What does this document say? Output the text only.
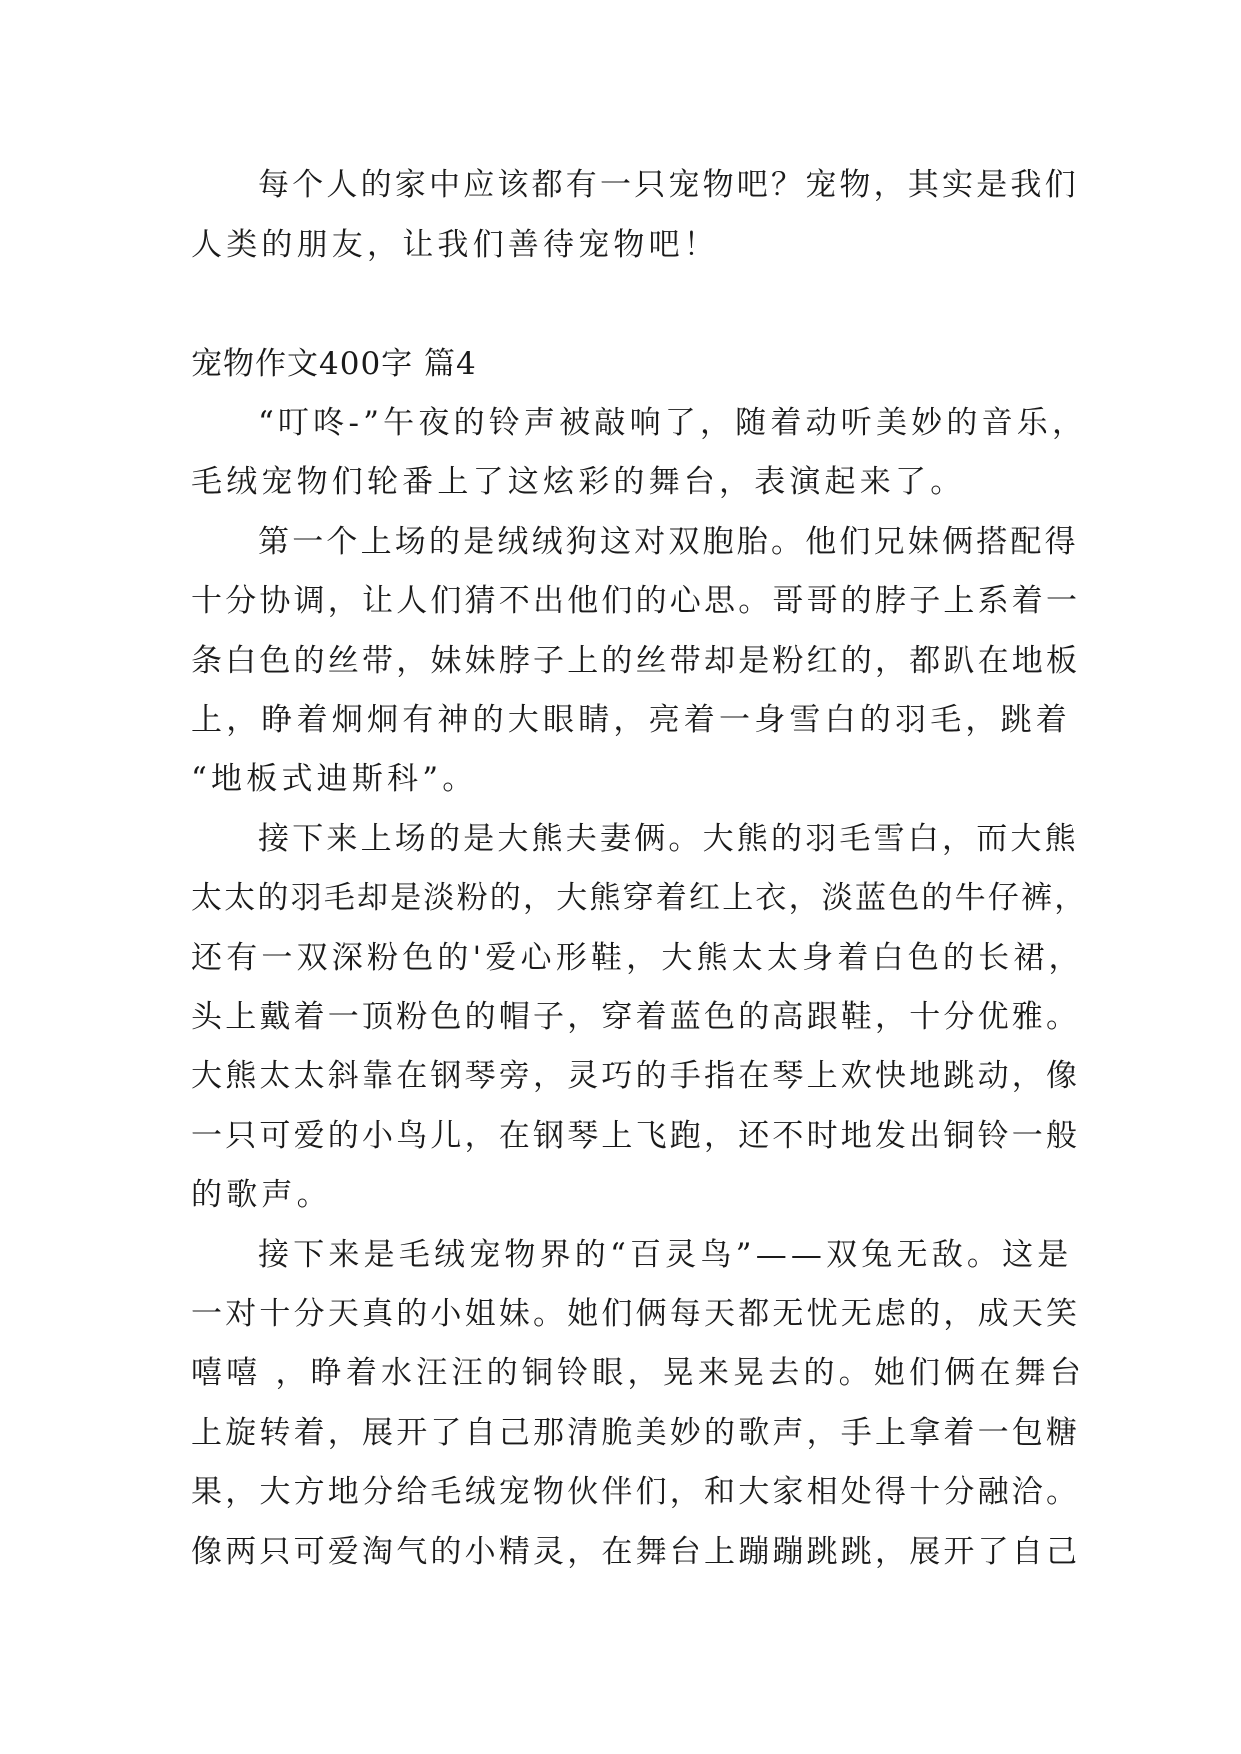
每个人的家中应该都有一只宠物吧？宠物，其实是我们
人类的朋友，让我们善待宠物吧！
宠物作文400字 篇4
“叮咚-”午夜的铃声被敲响了，随着动听美妙的音乐，
毛绒宠物们轮番上了这炫彩的舞台，表演起来了。
第一个上场的是绒绒狗这对双胞胎。他们兄妹俩搭配得
十分协调，让人们猜不出他们的心思。哥哥的脖子上系着一
条白色的丝带，妹妹脖子上的丝带却是粉红的，都趴在地板
上，睁着炯炯有神的大眼睛，亮着一身雪白的羽毛，跳着
“地板式迪斯科”。
接下来上场的是大熊夫妻俩。大熊的羽毛雪白，而大熊
太太的羽毛却是淡粉的，大熊穿着红上衣，淡蓝色的牛仔裤，
还有一双深粉色的'爱心形鞋，大熊太太身着白色的长裙，
头上戴着一顶粉色的帽子，穿着蓝色的高跟鞋，十分优雅。
大熊太太斜靠在钢琴旁，灵巧的手指在琴上欢快地跳动，像
一只可爱的小鸟儿，在钢琴上飞跑，还不时地发出铜铃一般
的歌声。
接下来是毛绒宠物界的“百灵鸟”——双兔无敌。这是
一对十分天真的小姐妹。她们俩每天都无忧无虑的，成天笑
嘻嘻 ，睁着水汪汪的铜铃眼，晃来晃去的。她们俩在舞台
上旋转着，展开了自己那清脆美妙的歌声，手上拿着一包糖
果，大方地分给毛绒宠物伙伴们，和大家相处得十分融洽。
像两只可爱淘气的小精灵，在舞台上蹦蹦跳跳，展开了自己
